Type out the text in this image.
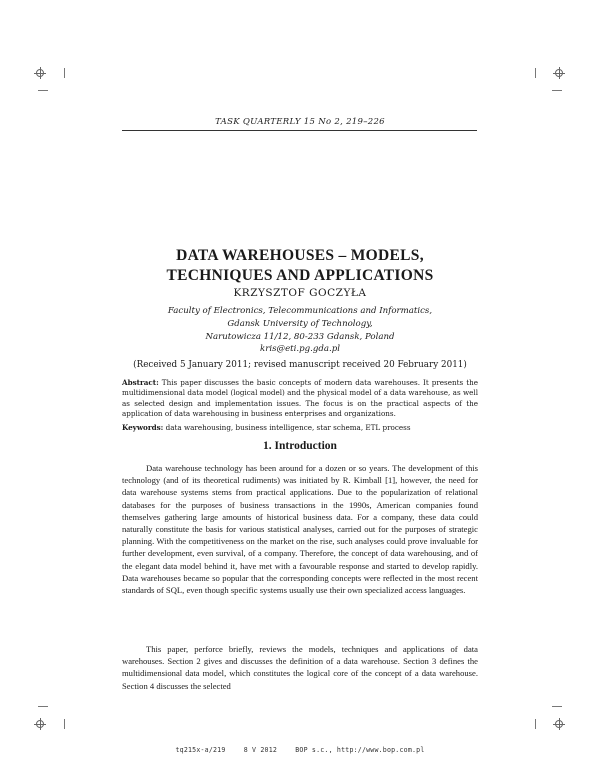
TASK QUARTERLY 15 No 2, 219–226
DATA WAREHOUSES – MODELS,
TECHNIQUES AND APPLICATIONS
KRZYSZTOF GOCZYŁA
Faculty of Electronics, Telecommunications and Informatics,
Gdansk University of Technology,
Narutowicza 11/12, 80-233 Gdansk, Poland
kris@eti.pg.gda.pl
(Received 5 January 2011; revised manuscript received 20 February 2011)
Abstract: This paper discusses the basic concepts of modern data warehouses. It presents the multidimensional data model (logical model) and the physical model of a data warehouse, as well as selected design and implementation issues. The focus is on the practical aspects of the application of data warehousing in business enterprises and organizations.
Keywords: data warehousing, business intelligence, star schema, ETL process
1. Introduction

Data warehouse technology has been around for a dozen or so years. The development of this technology (and of its theoretical rudiments) was initiated by R. Kimball [1], however, the need for data warehouse systems stems from practical applications. Due to the popularization of relational databases for the purposes of business transactions in the 1990s, American companies found themselves gathering large amounts of historical business data. For a company, these data could naturally constitute the basis for various statistical analyses, carried out for the purposes of strategic planning. With the competitiveness on the market on the rise, such analyses could prove invaluable for further development, even survival, of a company. Therefore, the concept of data warehousing, and of the elegant data model behind it, have met with a favourable response and started to develop rapidly. Data warehouses became so popular that the corresponding concepts were reflected in the most recent standards of SQL, even though specific systems usually use their own specialized access languages.

This paper, perforce briefly, reviews the models, techniques and applications of data warehouses. Section 2 gives and discusses the definition of a data warehouse. Section 3 defines the multidimensional data model, which constitutes the logical core of the concept of a data warehouse. Section 4 discusses the selected

tq215x-a/219	8 V 2012	BOP s.c., http://www.bop.com.pl
